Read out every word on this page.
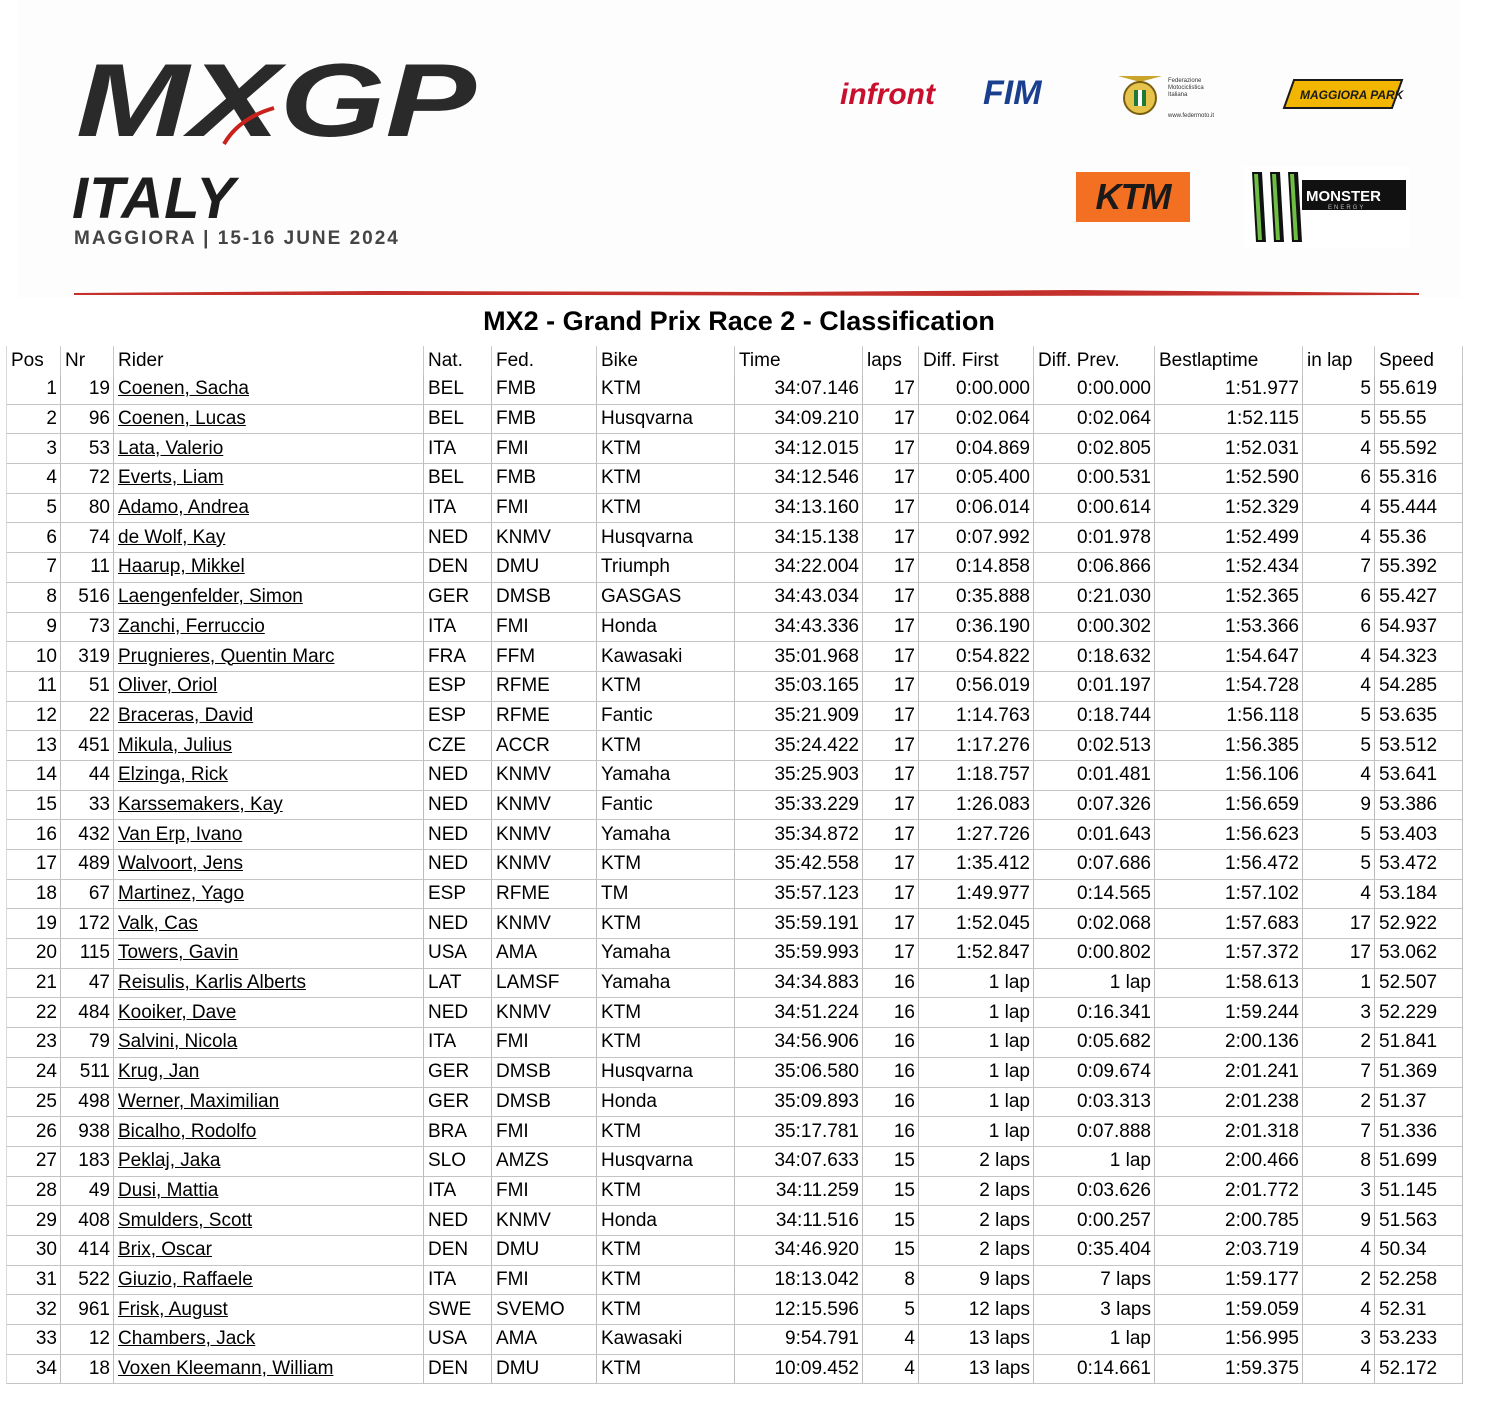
MXGP
ITALY
MAGGIORA | 15-16 JUNE 2024
infront FIM	Federazione
Motociclistica
Italiana
www.federmoto.it
MAGGIORA PARK
KTM	MONSTER
ENERGY
MX2 - Grand Prix Race 2 - Classification
Pos	Nr	Rider	Nat.	Fed.	Bike	Time	laps	Diff. First	Diff. Prev.	Bestlaptime	in lap	Speed
1	19	Coenen, Sacha	BEL	FMB	KTM	34:07.146	17	0:00.000	0:00.000	1:51.977	5	55.619
2	96	Coenen, Lucas	BEL	FMB	Husqvarna	34:09.210	17	0:02.064	0:02.064	1:52.115	5	55.55
3	53	Lata, Valerio	ITA	FMI	KTM	34:12.015	17	0:04.869	0:02.805	1:52.031	4	55.592
4	72	Everts, Liam	BEL	FMB	KTM	34:12.546	17	0:05.400	0:00.531	1:52.590	6	55.316
5	80	Adamo, Andrea	ITA	FMI	KTM	34:13.160	17	0:06.014	0:00.614	1:52.329	4	55.444
6	74	de Wolf, Kay	NED	KNMV	Husqvarna	34:15.138	17	0:07.992	0:01.978	1:52.499	4	55.36
7	11	Haarup, Mikkel	DEN	DMU	Triumph	34:22.004	17	0:14.858	0:06.866	1:52.434	7	55.392
8	516	Laengenfelder, Simon	GER	DMSB	GASGAS	34:43.034	17	0:35.888	0:21.030	1:52.365	6	55.427
9	73	Zanchi, Ferruccio	ITA	FMI	Honda	34:43.336	17	0:36.190	0:00.302	1:53.366	6	54.937
10	319	Prugnieres, Quentin Marc	FRA	FFM	Kawasaki	35:01.968	17	0:54.822	0:18.632	1:54.647	4	54.323
11	51	Oliver, Oriol	ESP	RFME	KTM	35:03.165	17	0:56.019	0:01.197	1:54.728	4	54.285
12	22	Braceras, David	ESP	RFME	Fantic	35:21.909	17	1:14.763	0:18.744	1:56.118	5	53.635
13	451	Mikula, Julius	CZE	ACCR	KTM	35:24.422	17	1:17.276	0:02.513	1:56.385	5	53.512
14	44	Elzinga, Rick	NED	KNMV	Yamaha	35:25.903	17	1:18.757	0:01.481	1:56.106	4	53.641
15	33	Karssemakers, Kay	NED	KNMV	Fantic	35:33.229	17	1:26.083	0:07.326	1:56.659	9	53.386
16	432	Van Erp, Ivano	NED	KNMV	Yamaha	35:34.872	17	1:27.726	0:01.643	1:56.623	5	53.403
17	489	Walvoort, Jens	NED	KNMV	KTM	35:42.558	17	1:35.412	0:07.686	1:56.472	5	53.472
18	67	Martinez, Yago	ESP	RFME	TM	35:57.123	17	1:49.977	0:14.565	1:57.102	4	53.184
19	172	Valk, Cas	NED	KNMV	KTM	35:59.191	17	1:52.045	0:02.068	1:57.683	17	52.922
20	115	Towers, Gavin	USA	AMA	Yamaha	35:59.993	17	1:52.847	0:00.802	1:57.372	17	53.062
21	47	Reisulis, Karlis Alberts	LAT	LAMSF	Yamaha	34:34.883	16	1 lap	1 lap	1:58.613	1	52.507
22	484	Kooiker, Dave	NED	KNMV	KTM	34:51.224	16	1 lap	0:16.341	1:59.244	3	52.229
23	79	Salvini, Nicola	ITA	FMI	KTM	34:56.906	16	1 lap	0:05.682	2:00.136	2	51.841
24	511	Krug, Jan	GER	DMSB	Husqvarna	35:06.580	16	1 lap	0:09.674	2:01.241	7	51.369
25	498	Werner, Maximilian	GER	DMSB	Honda	35:09.893	16	1 lap	0:03.313	2:01.238	2	51.37
26	938	Bicalho, Rodolfo	BRA	FMI	KTM	35:17.781	16	1 lap	0:07.888	2:01.318	7	51.336
27	183	Peklaj, Jaka	SLO	AMZS	Husqvarna	34:07.633	15	2 laps	1 lap	2:00.466	8	51.699
28	49	Dusi, Mattia	ITA	FMI	KTM	34:11.259	15	2 laps	0:03.626	2:01.772	3	51.145
29	408	Smulders, Scott	NED	KNMV	Honda	34:11.516	15	2 laps	0:00.257	2:00.785	9	51.563
30	414	Brix, Oscar	DEN	DMU	KTM	34:46.920	15	2 laps	0:35.404	2:03.719	4	50.34
31	522	Giuzio, Raffaele	ITA	FMI	KTM	18:13.042	8	9 laps	7 laps	1:59.177	2	52.258
32	961	Frisk, August	SWE	SVEMO	KTM	12:15.596	5	12 laps	3 laps	1:59.059	4	52.31
33	12	Chambers, Jack	USA	AMA	Kawasaki	9:54.791	4	13 laps	1 lap	1:56.995	3	53.233
34	18	Voxen Kleemann, William	DEN	DMU	KTM	10:09.452	4	13 laps	0:14.661	1:59.375	4	52.172
